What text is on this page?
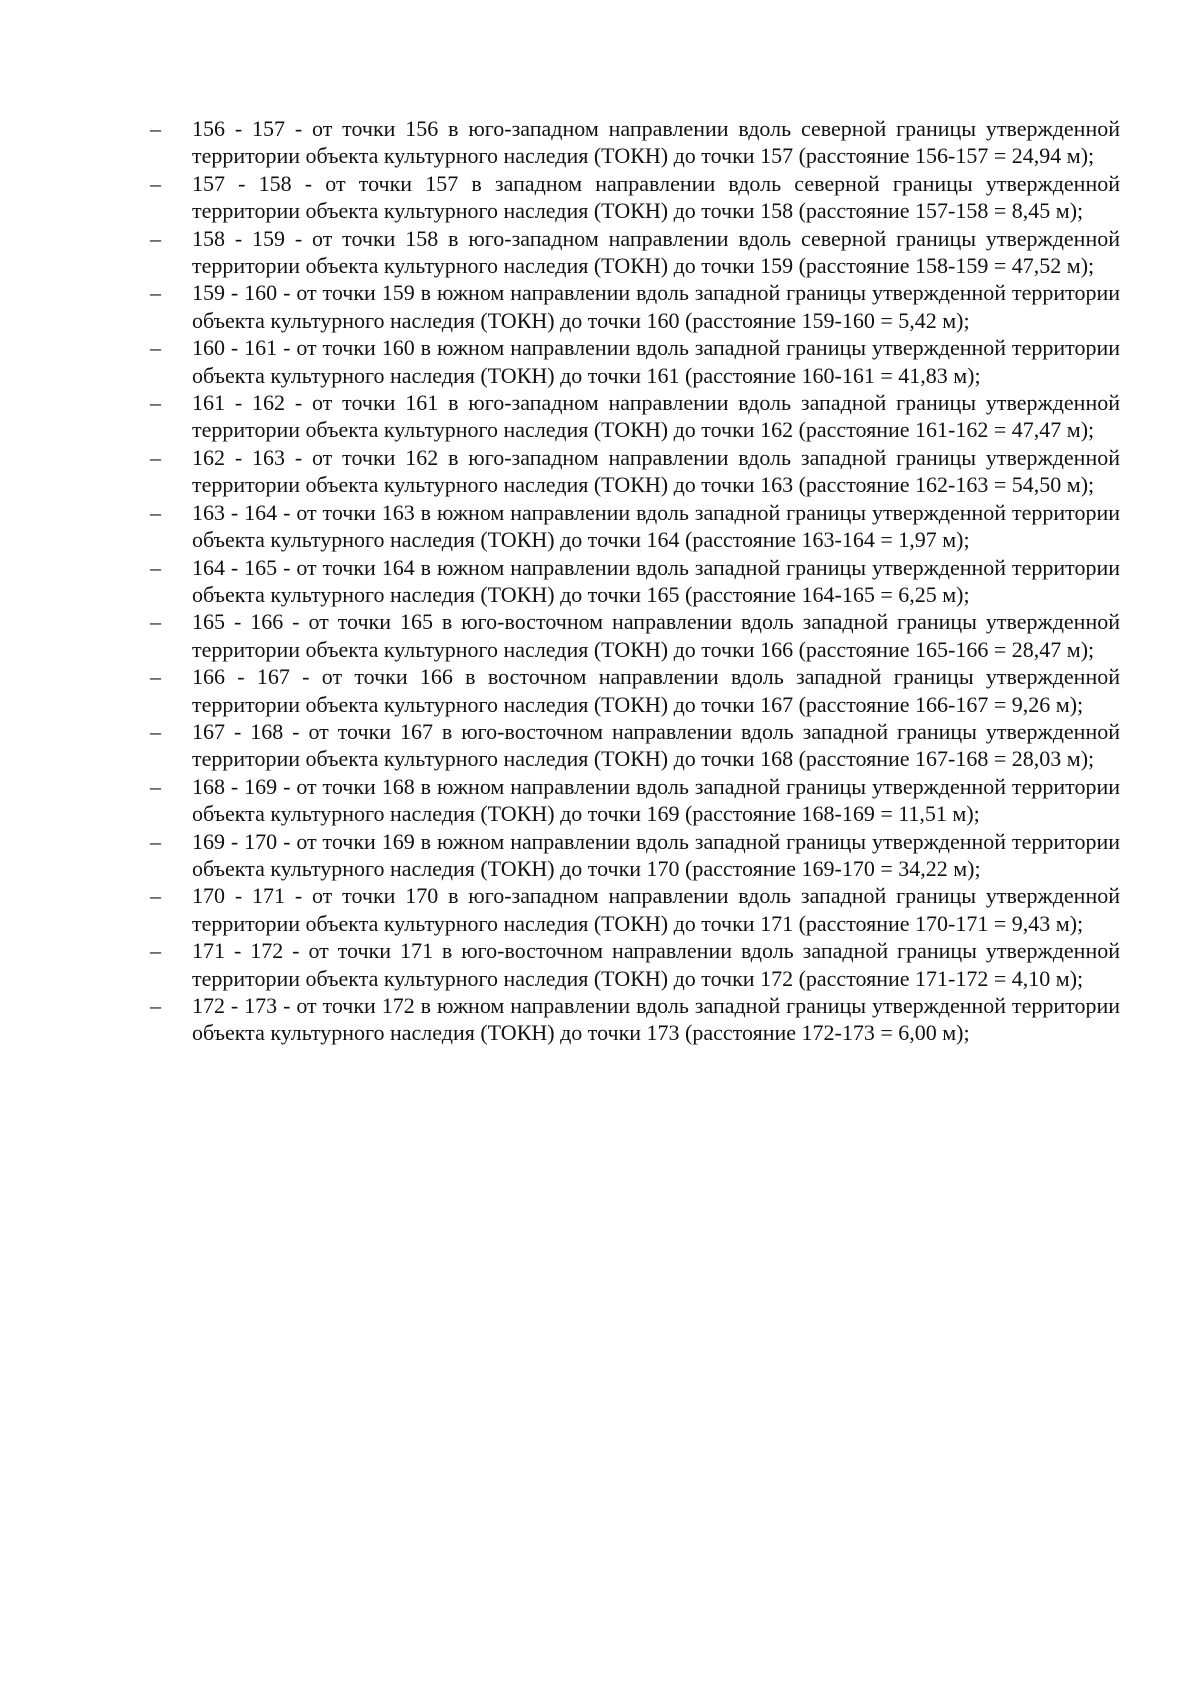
– 156 - 157 - от точки 156 в юго-западном направлении вдоль северной границы утвержденной территории объекта культурного наследия (ТОКН) до точки 157 (расстояние 156-157 = 24,94 м);
– 157 - 158 - от точки 157 в западном направлении вдоль северной границы утвержденной территории объекта культурного наследия (ТОКН) до точки 158 (расстояние 157-158 = 8,45 м);
– 158 - 159 - от точки 158 в юго-западном направлении вдоль северной границы утвержденной территории объекта культурного наследия (ТОКН) до точки 159 (расстояние 158-159 = 47,52 м);
– 159 - 160 - от точки 159 в южном направлении вдоль западной границы утвержденной территории объекта культурного наследия (ТОКН) до точки 160 (расстояние 159-160 = 5,42 м);
– 160 - 161 - от точки 160 в южном направлении вдоль западной границы утвержденной территории объекта культурного наследия (ТОКН) до точки 161 (расстояние 160-161 = 41,83 м);
– 161 - 162 - от точки 161 в юго-западном направлении вдоль западной границы утвержденной территории объекта культурного наследия (ТОКН) до точки 162 (расстояние 161-162 = 47,47 м);
– 162 - 163 - от точки 162 в юго-западном направлении вдоль западной границы утвержденной территории объекта культурного наследия (ТОКН) до точки 163 (расстояние 162-163 = 54,50 м);
– 163 - 164 - от точки 163 в южном направлении вдоль западной границы утвержденной территории объекта культурного наследия (ТОКН) до точки 164 (расстояние 163-164 = 1,97 м);
– 164 - 165 - от точки 164 в южном направлении вдоль западной границы утвержденной территории объекта культурного наследия (ТОКН) до точки 165 (расстояние 164-165 = 6,25 м);
– 165 - 166 - от точки 165 в юго-восточном направлении вдоль западной границы утвержденной территории объекта культурного наследия (ТОКН) до точки 166 (расстояние 165-166 = 28,47 м);
– 166 - 167 - от точки 166 в восточном направлении вдоль западной границы утвержденной территории объекта культурного наследия (ТОКН) до точки 167 (расстояние 166-167 = 9,26 м);
– 167 - 168 - от точки 167 в юго-восточном направлении вдоль западной границы утвержденной территории объекта культурного наследия (ТОКН) до точки 168 (расстояние 167-168 = 28,03 м);
– 168 - 169 - от точки 168 в южном направлении вдоль западной границы утвержденной территории объекта культурного наследия (ТОКН) до точки 169 (расстояние 168-169 = 11,51 м);
– 169 - 170 - от точки 169 в южном направлении вдоль западной границы утвержденной территории объекта культурного наследия (ТОКН) до точки 170 (расстояние 169-170 = 34,22 м);
– 170 - 171 - от точки 170 в юго-западном направлении вдоль западной границы утвержденной территории объекта культурного наследия (ТОКН) до точки 171 (расстояние 170-171 = 9,43 м);
– 171 - 172 - от точки 171 в юго-восточном направлении вдоль западной границы утвержденной территории объекта культурного наследия (ТОКН) до точки 172 (расстояние 171-172 = 4,10 м);
– 172 - 173 - от точки 172 в южном направлении вдоль западной границы утвержденной территории объекта культурного наследия (ТОКН) до точки 173 (расстояние 172-173 = 6,00 м);
